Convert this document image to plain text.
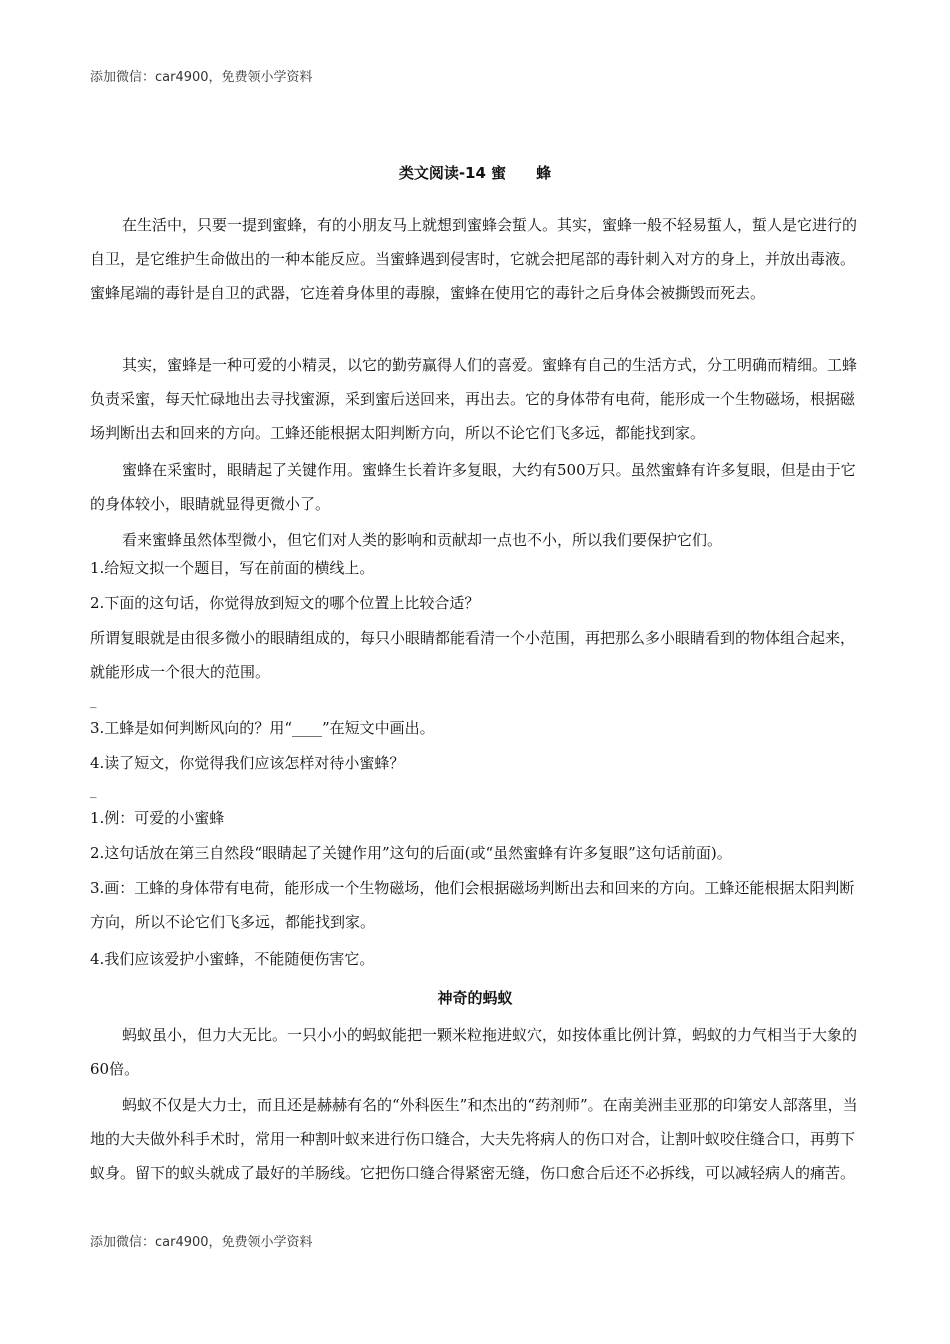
添加微信：car4900，免费领小学资料
类文阅读-14 蜜　　蜂

在生活中，只要一提到蜜蜂，有的小朋友马上就想到蜜蜂会蜇人。其实，蜜蜂一般不轻易蜇人，蜇人是它进行的自卫，是它维护生命做出的一种本能反应。当蜜蜂遇到侵害时，它就会把尾部的毒针刺入对方的身上，并放出毒液。蜜蜂尾端的毒针是自卫的武器，它连着身体里的毒腺，蜜蜂在使用它的毒针之后身体会被撕毁而死去。

其实，蜜蜂是一种可爱的小精灵，以它的勤劳赢得人们的喜爱。蜜蜂有自己的生活方式，分工明确而精细。工蜂负责采蜜，每天忙碌地出去寻找蜜源，采到蜜后送回来，再出去。它的身体带有电荷，能形成一个生物磁场，根据磁场判断出去和回来的方向。工蜂还能根据太阳判断方向，所以不论它们飞多远，都能找到家。

蜜蜂在采蜜时，眼睛起了关键作用。蜜蜂生长着许多复眼，大约有500万只。虽然蜜蜂有许多复眼，但是由于它的身体较小，眼睛就显得更微小了。

看来蜜蜂虽然体型微小，但它们对人类的影响和贡献却一点也不小，所以我们要保护它们。

1.给短文拟一个题目，写在前面的横线上。

2.下面的这句话，你觉得放到短文的哪个位置上比较合适？

所谓复眼就是由很多微小的眼睛组成的，每只小眼睛都能看清一个小范围，再把那么多小眼睛看到的物体组合起来，就能形成一个很大的范围。

_

3.工蜂是如何判断风向的？用“____”在短文中画出。

4.读了短文，你觉得我们应该怎样对待小蜜蜂？

_

1.例：可爱的小蜜蜂

2.这句话放在第三自然段“眼睛起了关键作用”这句的后面(或“虽然蜜蜂有许多复眼”这句话前面)。

3.画：工蜂的身体带有电荷，能形成一个生物磁场，他们会根据磁场判断出去和回来的方向。工蜂还能根据太阳判断方向，所以不论它们飞多远，都能找到家。

4.我们应该爱护小蜜蜂，不能随便伤害它。

神奇的蚂蚁

蚂蚁虽小，但力大无比。一只小小的蚂蚁能把一颗米粒拖进蚁穴，如按体重比例计算，蚂蚁的力气相当于大象的60倍。

蚂蚁不仅是大力士，而且还是赫赫有名的“外科医生”和杰出的“药剂师”。在南美洲圭亚那的印第安人部落里，当地的大夫做外科手术时，常用一种割叶蚁来进行伤口缝合，大夫先将病人的伤口对合，让割叶蚁咬住缝合口，再剪下蚁身。留下的蚁头就成了最好的羊肠线。它把伤口缝合得紧密无缝，伤口愈合后还不必拆线，可以减轻病人的痛苦。

添加微信：car4900，免费领小学资料
